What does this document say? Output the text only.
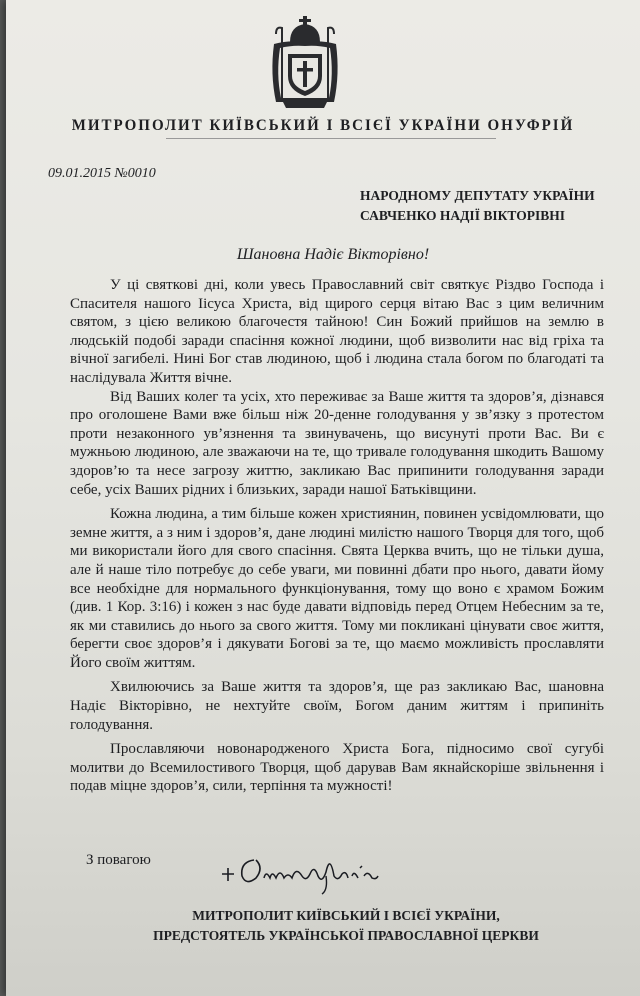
МИТРОПОЛИТ КИЇВСЬКИЙ І ВСІЄЇ УКРАЇНИ ОНУФРІЙ
09.01.2015 №0010
НАРОДНОМУ ДЕПУТАТУ УКРАЇНИ
САВЧЕНКО НАДІЇ ВІКТОРІВНІ
Шановна Надіє Вікторівно!

У ці святкові дні, коли увесь Православний світ святкує Різдво Господа і Спасителя нашого Іісуса Христа, від щирого серця вітаю Вас з цим величним святом, з цією великою благочестя тайною! Син Божий прийшов на землю в людській подобі заради спасіння кожної людини, щоб визволити нас від гріха та вічної загибелі. Нині Бог став людиною, щоб і людина стала богом по благодаті та наслідувала Життя вічне.

Від Ваших колег та усіх, хто переживає за Ваше життя та здоров’я, дізнався про оголошене Вами вже більш ніж 20-денне голодування у зв’язку з протестом проти незаконного ув’язнення та звинувачень, що висунуті проти Вас. Ви є мужньою людиною, але зважаючи на те, що тривале голодування шкодить Вашому здоров’ю та несе загрозу життю, закликаю Вас припинити голодування заради себе, усіх Ваших рідних і близьких, заради нашої Батьківщини.

Кожна людина, а тим більше кожен християнин, повинен усвідомлювати, що земне життя, а з ним і здоров’я, дане людині милістю нашого Творця для того, щоб ми використали його для свого спасіння. Свята Церква вчить, що не тільки душа, але й наше тіло потребує до себе уваги, ми повинні дбати про нього, давати йому все необхідне для нормального функціонування, тому що воно є храмом Божим (див. 1 Кор. 3:16) і кожен з нас буде давати відповідь перед Отцем Небесним за те, як ми ставились до нього за свого життя. Тому ми покликані цінувати своє життя, берегти своє здоров’я і дякувати Богові за те, що маємо можливість прославляти Його своїм життям.

Хвилюючись за Ваше життя та здоров’я, ще раз закликаю Вас, шановна Надіє Вікторівно, не нехтуйте своїм, Богом даним життям і припиніть голодування.

Прославляючи новонародженого Христа Бога, підносимо свої сугубі молитви до Всемилостивого Творця, щоб дарував Вам якнайскоріше звільнення і подав міцне здоров’я, сили, терпіння та мужності!

З повагою
МИТРОПОЛИТ КИЇВСЬКИЙ І ВСІЄЇ УКРАЇНИ,
ПРЕДСТОЯТЕЛЬ УКРАЇНСЬКОЇ ПРАВОСЛАВНОЇ ЦЕРКВИ
